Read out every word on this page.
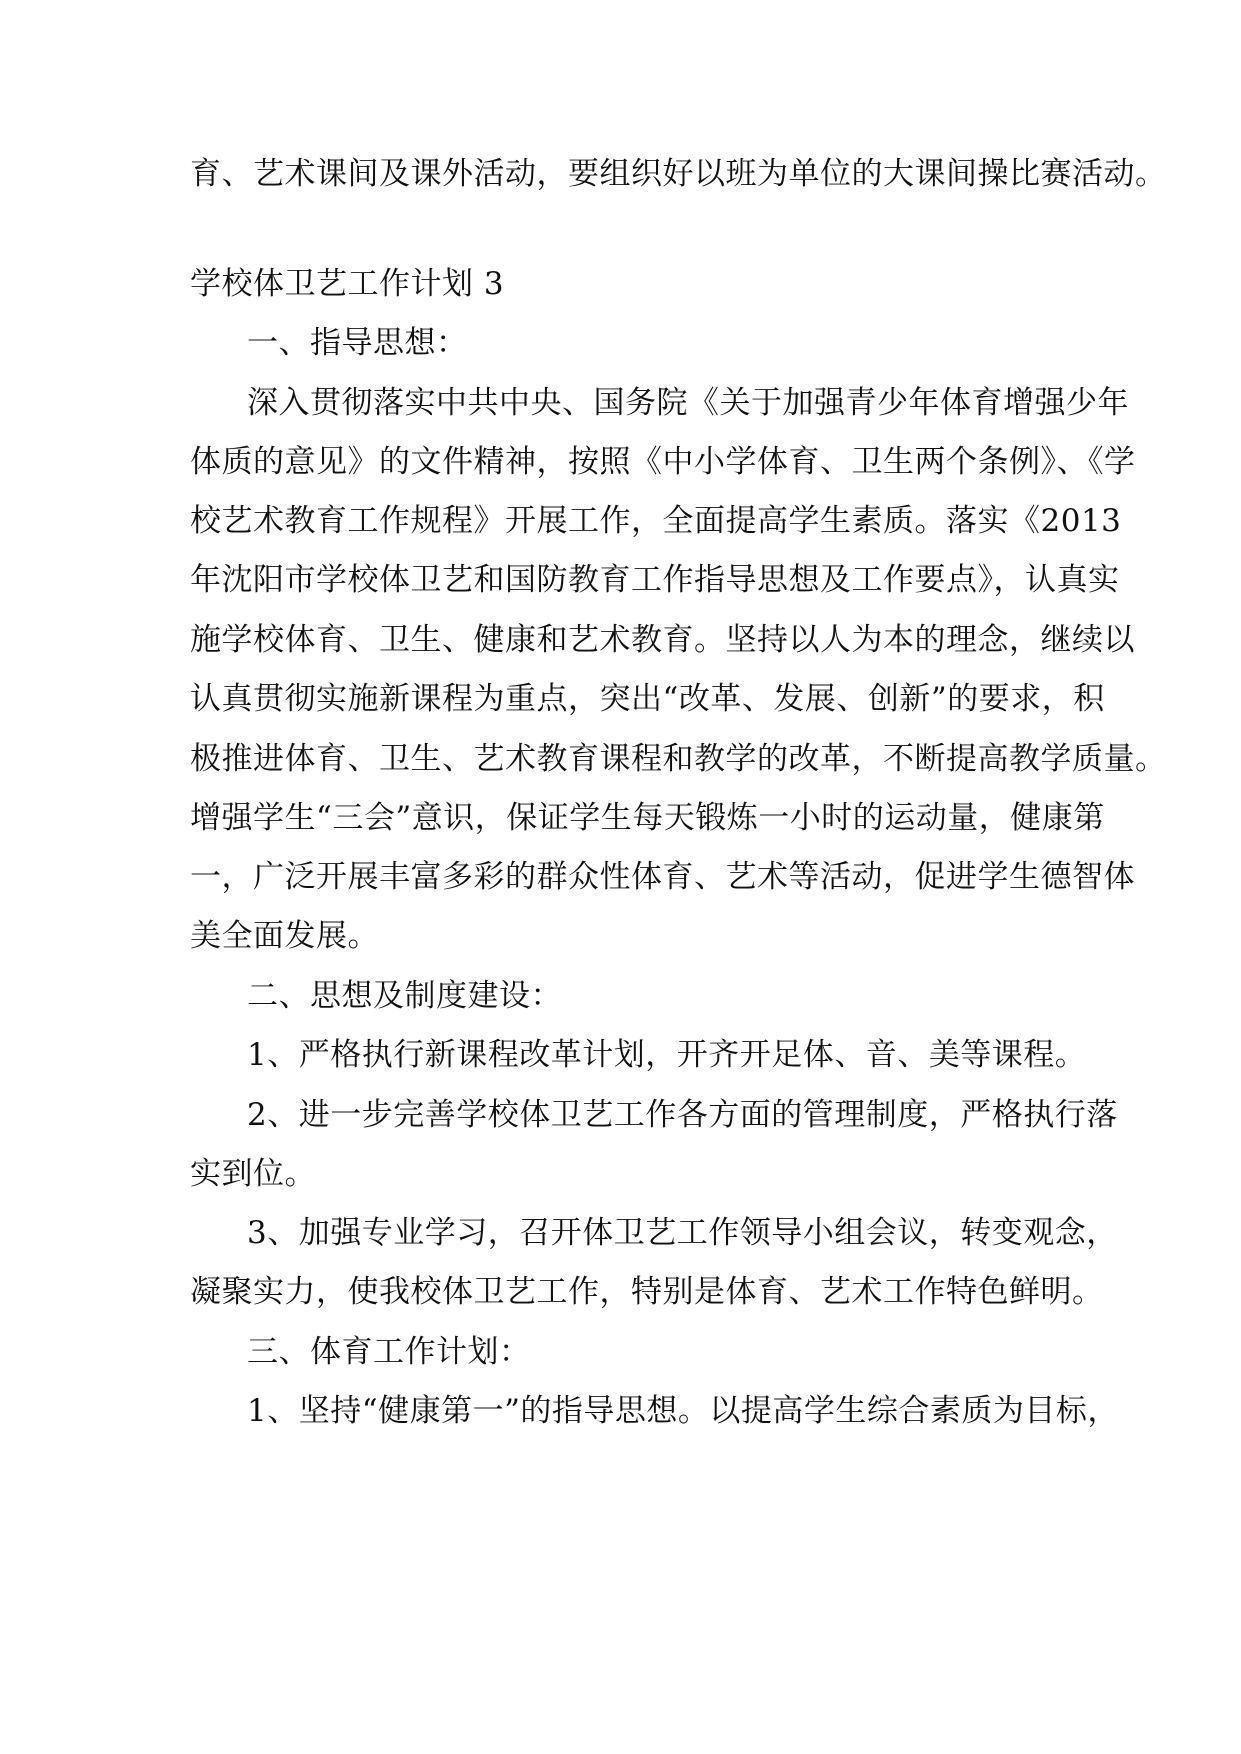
育、艺术课间及课外活动，要组织好以班为单位的大课间操比赛活动。

学校体卫艺工作计划 3

一、指导思想：

深入贯彻落实中共中央、国务院《关于加强青少年体育增强少年

体质的意见》的文件精神，按照《中小学体育、卫生两个条例》、《学

校艺术教育工作规程》开展工作，全面提高学生素质。落实《2013

年沈阳市学校体卫艺和国防教育工作指导思想及工作要点》，认真实

施学校体育、卫生、健康和艺术教育。坚持以人为本的理念，继续以

认真贯彻实施新课程为重点，突出“改革、发展、创新”的要求，积

极推进体育、卫生、艺术教育课程和教学的改革，不断提高教学质量。

增强学生“三会”意识，保证学生每天锻炼一小时的运动量，健康第

一，广泛开展丰富多彩的群众性体育、艺术等活动，促进学生德智体

美全面发展。

二、思想及制度建设：

1、严格执行新课程改革计划，开齐开足体、音、美等课程。

2、进一步完善学校体卫艺工作各方面的管理制度，严格执行落

实到位。

3、加强专业学习，召开体卫艺工作领导小组会议，转变观念，

凝聚实力，使我校体卫艺工作，特别是体育、艺术工作特色鲜明。

三、体育工作计划：

1、坚持“健康第一”的指导思想。以提高学生综合素质为目标，
